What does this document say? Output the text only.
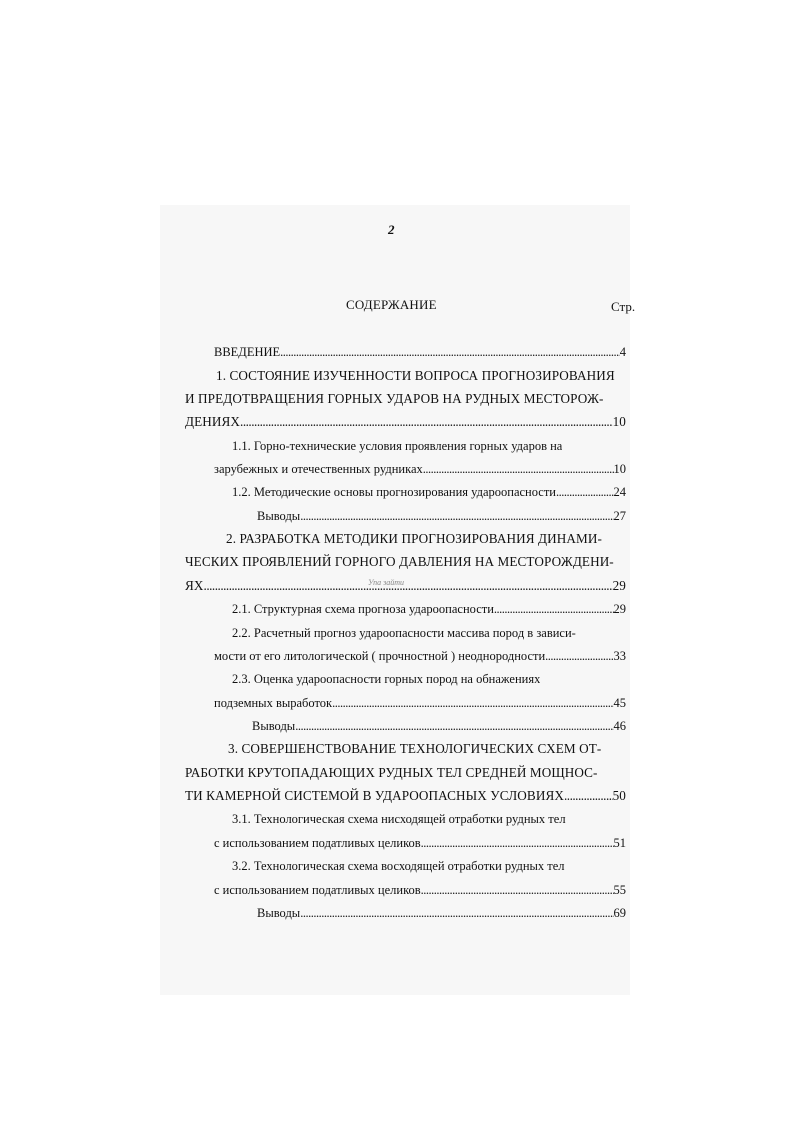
2
СОДЕРЖАНИЕ	Стр.
Упа зайти
ВВЕДЕНИЕ .....	4
1. СОСТОЯНИЕ ИЗУЧЕННОСТИ ВОПРОСА ПРОГНОЗИРОВАНИЯ
И ПРЕДОТВРАЩЕНИЯ ГОРНЫХ УДАРОВ НА РУДНЫХ МЕСТОРОЖ-
ДЕНИЯХ .....	10
1.1. Горно-технические условия проявления горных ударов на
зарубежных и отечественных рудниках .....	10
1.2. Методические основы прогнозирования удароопасности .....	24
Выводы .....	27
2. РАЗРАБОТКА МЕТОДИКИ ПРОГНОЗИРОВАНИЯ ДИНАМИ-
ЧЕСКИХ ПРОЯВЛЕНИЙ ГОРНОГО ДАВЛЕНИЯ НА МЕСТОРОЖДЕНИ-
ЯХ .....	29
2.1. Структурная схема прогноза удароопасности .....	29
2.2. Расчетный прогноз удароопасности массива пород в зависи-
мости от его литологической ( прочностной ) неоднородности .....	33
2.3. Оценка удароопасности горных пород на обнажениях
подземных выработок .....	45
Выводы .....	46
3. СОВЕРШЕНСТВОВАНИЕ ТЕХНОЛОГИЧЕСКИХ СХЕМ ОТ-
РАБОТКИ КРУТОПАДАЮЩИХ РУДНЫХ ТЕЛ СРЕДНЕЙ МОЩНОС-
ТИ КАМЕРНОЙ СИСТЕМОЙ В УДАРООПАСНЫХ УСЛОВИЯХ .....	50
3.1. Технологическая схема нисходящей отработки рудных тел
с использованием податливых целиков .....	51
3.2. Технологическая схема восходящей отработки рудных тел
с использованием податливых целиков .....	55
Выводы .....	69
